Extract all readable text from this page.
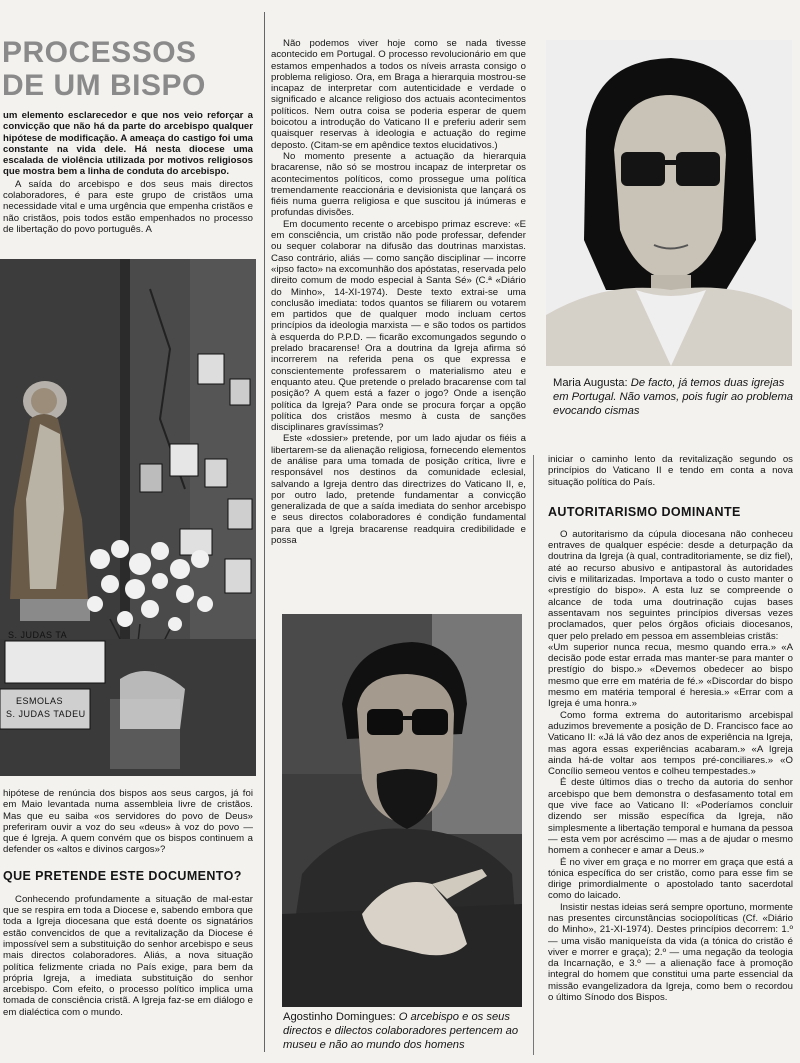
PROCESSOS
DE UM BISPO

um elemento esclarecedor e que nos veio reforçar a convicção que não há da parte do arcebispo qualquer hipótese de modificação. A ameaça do castigo foi uma constante na vida dele. Há nesta diocese uma escalada de violência utilizada por motivos religiosos que mostra bem a linha de conduta do arcebispo.

A saída do arcebispo e dos seus mais directos colaboradores, é para este grupo de cristãos uma necessidade vital e uma urgência que empenha cristãos e não cristãos, pois todos estão empenhados no processo de libertação do povo português. A

S. JUDAS TA
ESMOLAS
S. JUDAS TADEU

hipótese de renúncia dos bispos aos seus cargos, já foi em Maio levantada numa assembleia livre de cristãos. Mas que eu saiba «os servidores do povo de Deus» preferiram ouvir a voz do seu «deus» à voz do povo — que é Igreja. A quem convém que os bispos continuem a defender os «altos e divinos cargos»?

QUE PRETENDE ESTE DOCUMENTO?

Conhecendo profundamente a situação de mal-estar que se respira em toda a Diocese e, sabendo embora que toda a Igreja diocesana que está doente os signatários estão convencidos de que a revitalização da Diocese é impossível sem a substituição do senhor arcebispo e seus mais directos colaboradores. Aliás, a nova situação política felizmente criada no País exige, para bem da própria Igreja, a imediata substituição do senhor arcebispo. Com efeito, o processo político implica uma tomada de consciência cristã. A Igreja faz-se em diálogo e em dialéctica com o mundo.

Não podemos viver hoje como se nada tivesse acontecido em Portugal. O processo revolucionário em que estamos empenhados a todos os níveis arrasta consigo o problema religioso. Ora, em Braga a hierarquia mostrou-se incapaz de interpretar com autenticidade e verdade o significado e alcance religioso dos actuais acontecimentos políticos. Nem outra coisa se poderia esperar de quem boicotou a introdução do Vaticano II e preferiu aderir sem quaisquer reservas à ideologia e actuação do regime deposto. (Citam-se em apêndice textos elucidativos.)

No momento presente a actuação da hierarquia bracarense, não só se mostrou incapaz de interpretar os acontecimentos políticos, como prossegue uma política tremendamente reaccionária e devisionista que lançará os fiéis numa guerra religiosa e que suscitou já inúmeras e profundas divisões.

Em documento recente o arcebispo primaz escreve: «E em consciência, um cristão não pode professar, defender ou sequer colaborar na difusão das doutrinas marxistas. Caso contrário, aliás — como sanção disciplinar — incorre «ipso facto» na excomunhão dos apóstatas, reservada pelo direito comum de modo especial à Santa Sé» (C.ª «Diário do Minho», 14-XI-1974). Deste texto extrai-se uma conclusão imediata: todos quantos se filiarem ou votarem em partidos que de qualquer modo incluam certos princípios da ideologia marxista — e são todos os partidos à esquerda do P.P.D. — ficarão excomungados segundo o prelado bracarense! Ora a doutrina da Igreja afirma só incorrerem na referida pena os que expressa e conscientemente professarem o materialismo ateu e enquanto ateu. Que pretende o prelado bracarense com tal posição? A quem está a fazer o jogo? Onde a isenção política da Igreja? Para onde se procura forçar a opção política dos cristãos mesmo à custa de sanções disciplinares gravíssimas?

Este «dossier» pretende, por um lado ajudar os fiéis a libertarem-se da alienação religiosa, fornecendo elementos de análise para uma tomada de posição crítica, livre e responsável nos destinos da comunidade eclesial, salvando a Igreja dentro das directrizes do Vaticano II, e, por outro lado, pretende fundamentar a convicção generalizada de que a saída imediata do senhor arcebispo e seus directos colaboradores é condição fundamental para que a Igreja bracarense readquira credibilidade e possa

Agostinho Domingues: O arcebispo e os seus directos e dilectos colaboradores pertencem ao museu e não ao mundo dos homens

Maria Augusta: De facto, já temos duas igrejas em Portugal. Não vamos, pois fugir ao problema evocando cismas

iniciar o caminho lento da revitalização segundo os princípios do Vaticano II e tendo em conta a nova situação política do País.

AUTORITARISMO DOMINANTE

O autoritarismo da cúpula diocesana não conheceu entraves de qualquer espécie: desde a deturpação da doutrina da Igreja (à qual, contraditoriamente, se diz fiel), até ao recurso abusivo e antipastoral às autoridades civis e militarizadas. Importava a todo o custo manter o «prestígio do bispo». A esta luz se compreende o alcance de toda uma doutrinação cujas bases assentavam nos seguintes princípios diversas vezes proclamados, quer pelos órgãos oficiais diocesanos, quer pelo prelado em pessoa em assembleias cristãs:

«Um superior nunca recua, mesmo quando erra.» «A decisão pode estar errada mas manter-se para manter o prestígio do bispo.» «Devemos obedecer ao bispo mesmo que erre em matéria de fé.» «Discordar do bispo mesmo em matéria temporal é heresia.» «Errar com a Igreja é uma honra.»

Como forma extrema do autoritarismo arcebispal aduzimos brevemente a posição de D. Francisco face ao Vaticano II: «Já lá vão dez anos de experiência na Igreja, mas agora essas experiências acabaram.» «A Igreja ainda há-de voltar aos tempos pré-conciliares.» «O Concílio semeou ventos e colheu tempestades.»

É deste últimos dias o trecho da autoria do senhor arcebispo que bem demonstra o desfasamento total em que vive face ao Vaticano II: «Poderíamos concluir dizendo ser missão específica da Igreja, não simplesmente a libertação temporal e humana da pessoa — esta vem por acréscimo — mas a de ajudar o mesmo homem a conhecer e amar a Deus.»

É no viver em graça e no morrer em graça que está a tónica específica do ser cristão, como para esse fim se dirige primordialmente o apostolado tanto sacerdotal como do laicado.

Insistir nestas ideias será sempre oportuno, mormente nas presentes circunstâncias sociopolíticas (Cf. «Diário do Minho», 21-XI-1974). Destes princípios decorrem: 1.º — uma visão maniqueísta da vida (a tónica do cristão é viver e morrer e graça); 2.º — uma negação da teologia da Incarnação, e 3.º — a alienação face à promoção integral do homem que constitui uma parte essencial da missão evangelizadora da Igreja, como bem o recordou o último Sínodo dos Bispos.
